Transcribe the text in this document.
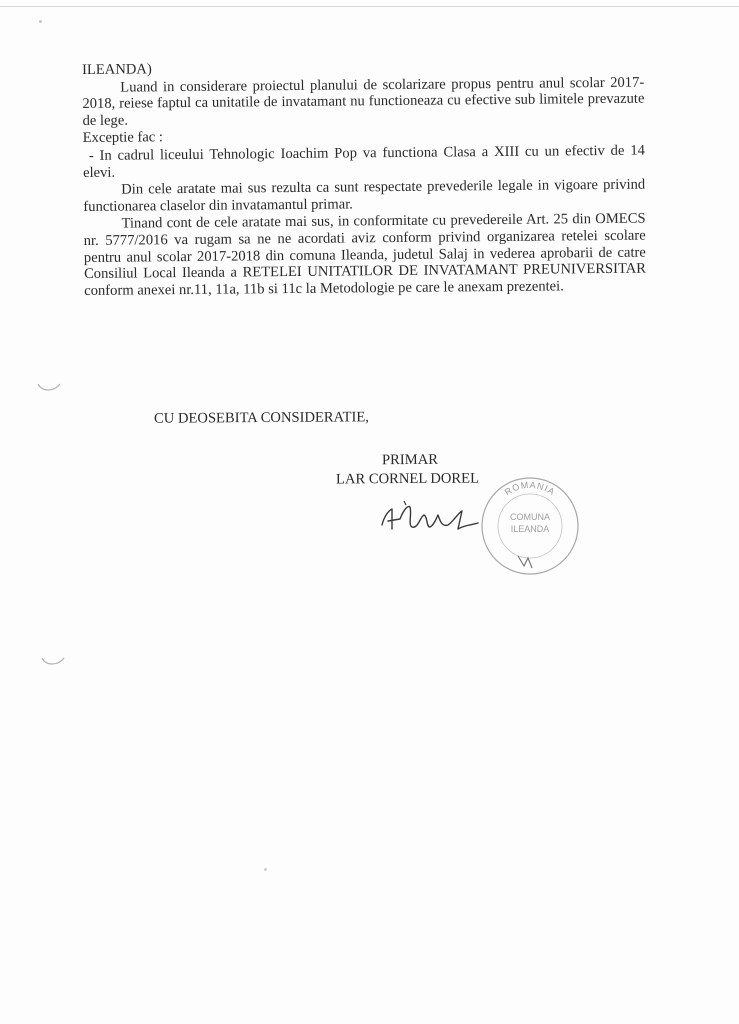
ILEANDA)

Luand in considerare proiectul planului de scolarizare propus pentru anul scolar 2017-2018, reiese faptul ca unitatile de invatamant nu functioneaza cu efective sub limitele prevazute de lege.

Exceptie fac :

- In cadrul liceului Tehnologic Ioachim Pop va functiona Clasa a XIII cu un efectiv de 14 elevi.

Din cele aratate mai sus rezulta ca sunt respectate prevederile legale in vigoare privind functionarea claselor din invatamantul primar.

Tinand cont de cele aratate mai sus, in conformitate cu prevedereile Art. 25 din OMECS nr. 5777/2016 va rugam sa ne ne acordati aviz conform privind organizarea retelei scolare pentru anul scolar 2017-2018 din comuna Ileanda, judetul Salaj in vederea aprobarii de catre Consiliul Local Ileanda a RETELEI UNITATILOR DE INVATAMANT PREUNIVERSITAR conform anexei nr.11, 11a, 11b si 11c la Metodologie pe care le anexam prezentei.

CU DEOSEBITA CONSIDERATIE,
PRIMAR
LAR CORNEL DOREL
ROMANIA
COMUNA
ILEANDA
